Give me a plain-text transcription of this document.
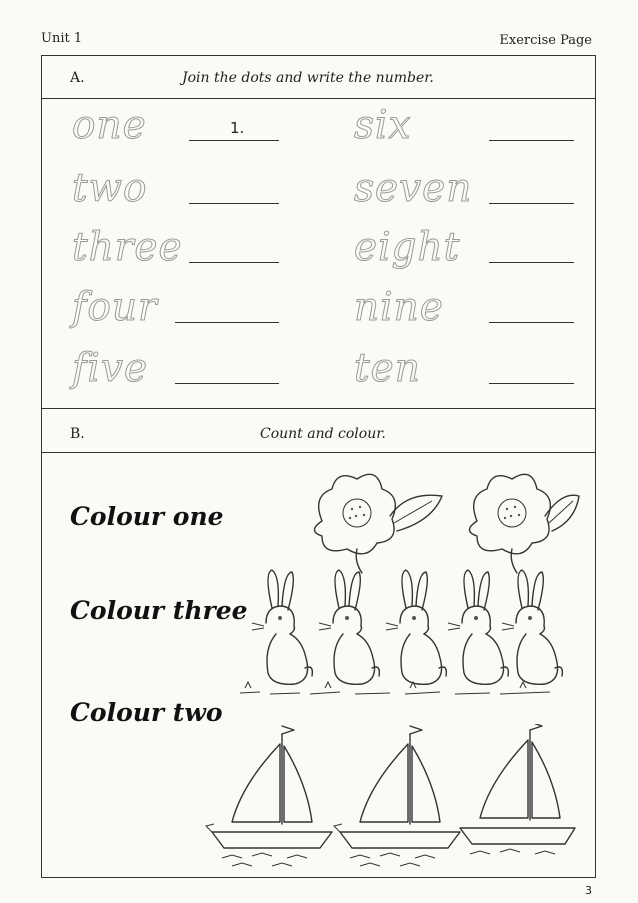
Unit 1	Exercise Page
A.	Join the dots and write the number.
one	1.
two
three
four
five
six
seven
eight
nine
ten
B.	Count and colour.
Colour one
Colour three
Colour two
3
